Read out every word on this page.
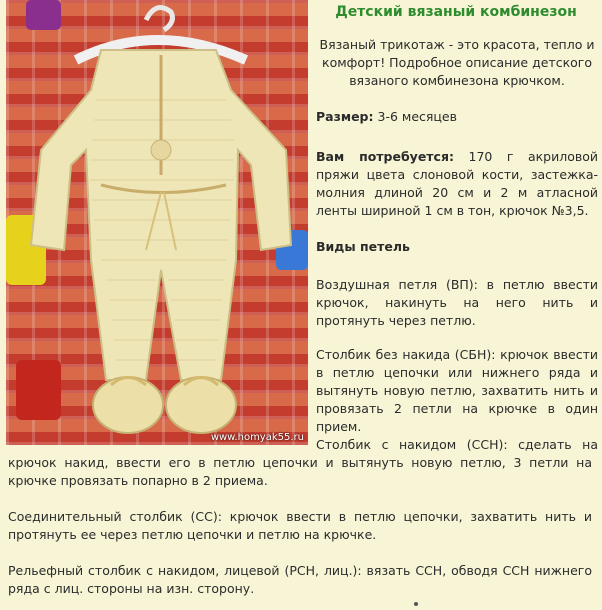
www.homyak55.ru
Детский вязаный комбинезон
Вязаный трикотаж - это красота, тепло и комфорт! Подробное описание детского вязаного комбинезона крючком.
Размер: 3-6 месяцев
Вам потребуется: 170 г акриловой пряжи цвета слоновой кости, застежка-молния длиной 20 см и 2 м атласной ленты шириной 1 см в тон, крючок №3,5.
Виды петель
Воздушная петля (ВП): в петлю ввести крючок, накинуть на него нить и протянуть через петлю.
Столбик без накида (СБН): крючок ввести в петлю цепочки или нижнего ряда и вытянуть новую петлю, захватить нить и провязать 2 петли на крючке в один прием.
Столбик с накидом (ССН): сделать на
крючок накид, ввести его в петлю цепочки и вытянуть новую петлю, 3 петли на крючке провязать попарно в 2 приема.
Соединительный столбик (СС): крючок ввести в петлю цепочки, захватить нить и протянуть ее через петлю цепочки и петлю на крючке.
Рельефный столбик с накидом, лицевой (РСН, лиц.): вязать ССН, обводя ССН нижнего ряда с лиц. стороны на изн. сторону.
